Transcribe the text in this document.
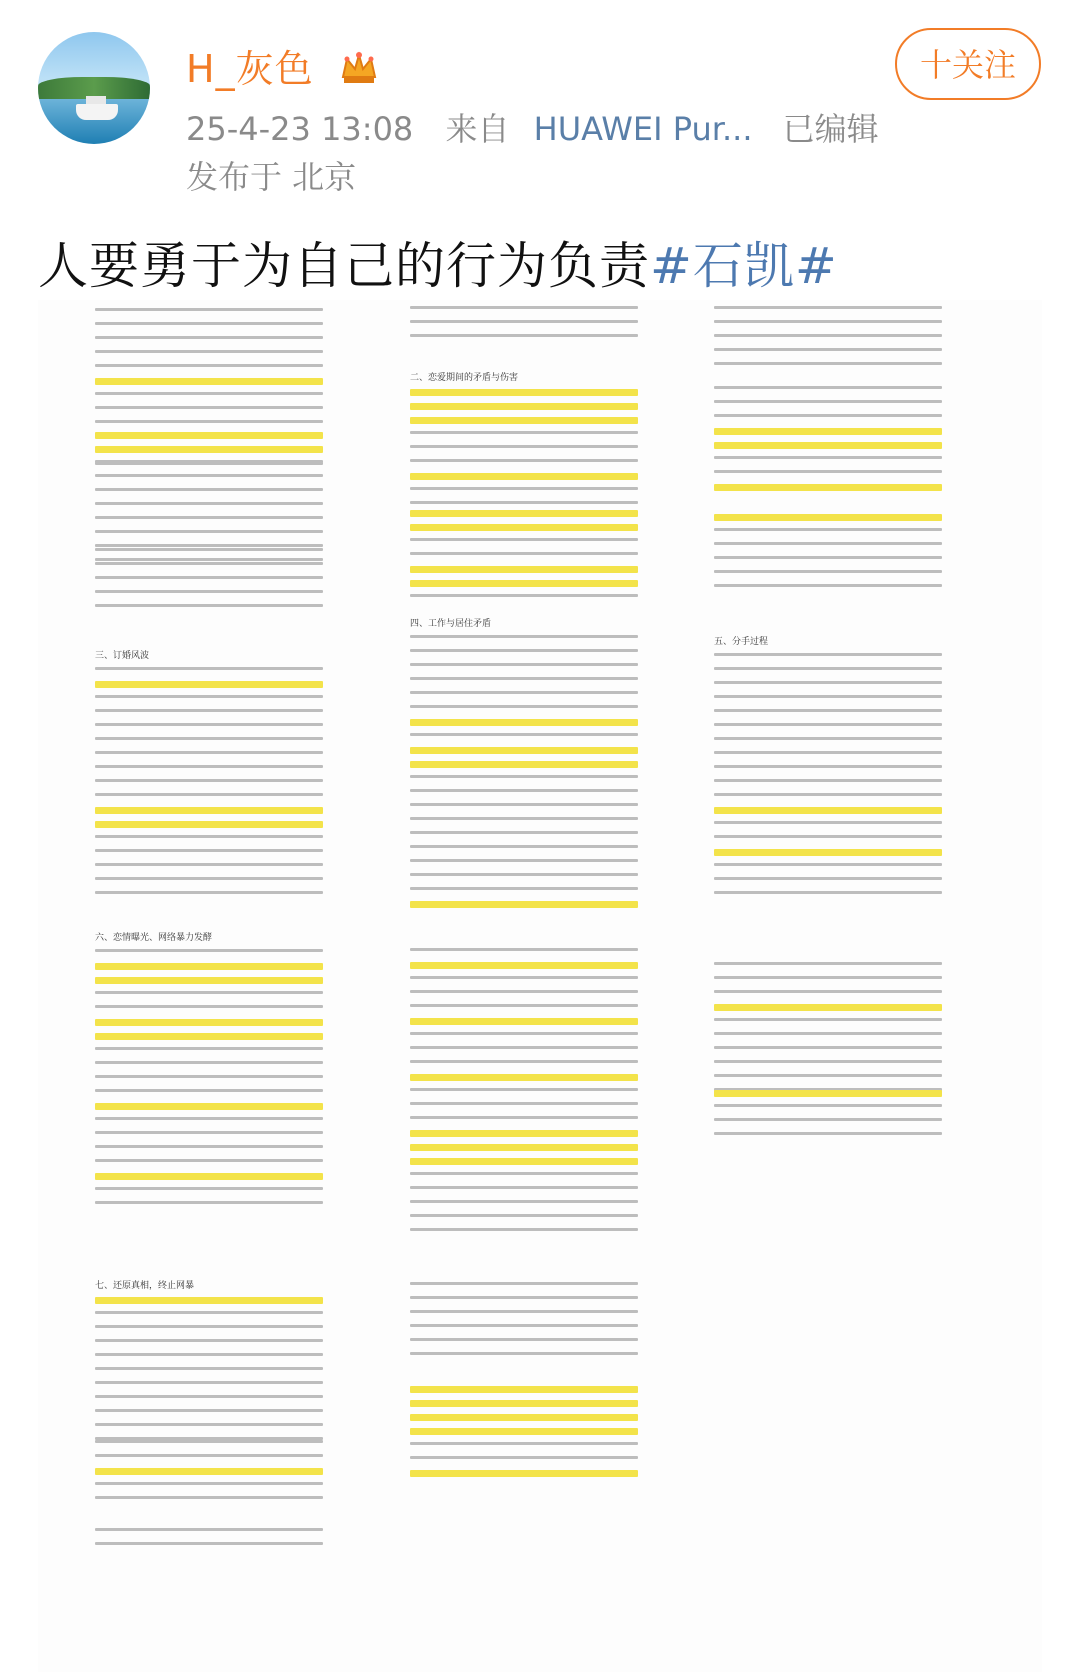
H_灰色
25-4-23 13:08 来自 HUAWEI Pur... 已编辑
发布于 北京
十关注
人要勇于为自己的行为负责#石凯#
三、订婚风波
六、恋情曝光、网络暴力发酵
七、还原真相，终止网暴
二、恋爱期间的矛盾与伤害
四、工作与居住矛盾
五、分手过程
